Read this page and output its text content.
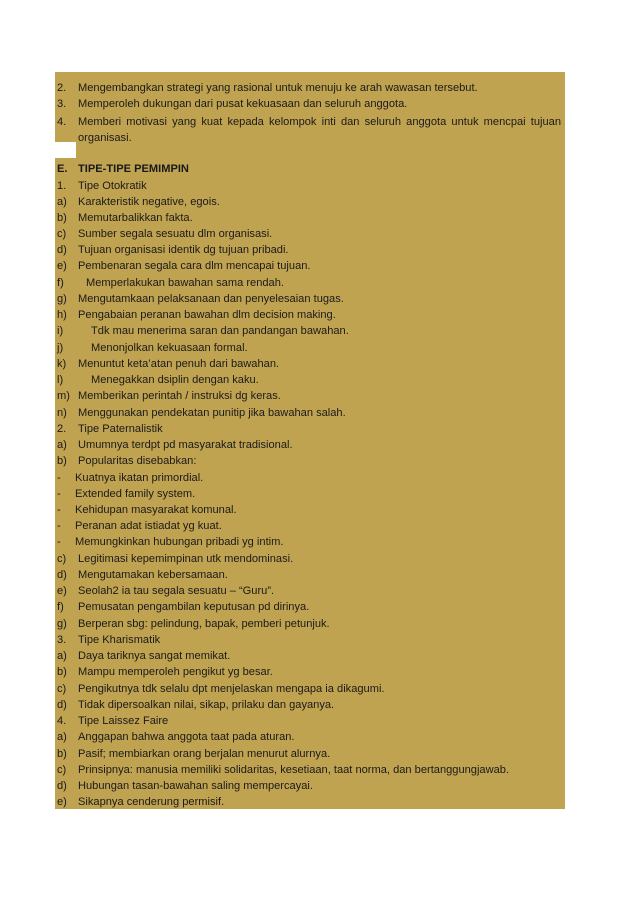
2. Mengembangkan strategi yang rasional untuk menuju ke arah wawasan tersebut.
3. Memperoleh dukungan dari pusat kekuasaan dan seluruh anggota.
4. Memberi motivasi yang kuat kepada kelompok inti dan seluruh anggota untuk mencpai tujuan
organisasi.
E. TIPE-TIPE PEMIMPIN
1. Tipe Otokratik
a) Karakteristik negative, egois.
b) Memutarbalikkan fakta.
c) Sumber segala sesuatu dlm organisasi.
d) Tujuan organisasi identik dg tujuan pribadi.
e) Pembenaran segala cara dlm mencapai tujuan.
f) Memperlakukan bawahan sama rendah.
g) Mengutamkaan pelaksanaan dan penyelesaian tugas.
h) Pengabaian peranan bawahan dlm decision making.
i)	Tdk mau menerima saran dan pandangan bawahan.
j)	Menonjolkan kekuasaan formal.
k) Menuntut keta’atan penuh dari bawahan.
l)	Menegakkan dsiplin dengan kaku.
m) Memberikan perintah / instruksi dg keras.
n) Menggunakan pendekatan punitip jika bawahan salah.
2. Tipe Paternalistik
a) Umumnya terdpt pd masyarakat tradisional.
b) Popularitas disebabkan:
- Kuatnya ikatan primordial.
- Extended family system.
- Kehidupan masyarakat komunal.
- Peranan adat istiadat yg kuat.
- Memungkinkan hubungan pribadi yg intim.
c) Legitimasi kepemimpinan utk mendominasi.
d) Mengutamakan kebersamaan.
e) Seolah2 ia tau segala sesuatu – “Guru”.
f) Pemusatan pengambilan keputusan pd dirinya.
g) Berperan sbg: pelindung, bapak, pemberi petunjuk.
3. Tipe Kharismatik
a) Daya tariknya sangat memikat.
b) Mampu memperoleh pengikut yg besar.
c) Pengikutnya tdk selalu dpt menjelaskan mengapa ia dikagumi.
d) Tidak dipersoalkan nilai, sikap, prilaku dan gayanya.
4. Tipe Laissez Faire
a) Anggapan bahwa anggota taat pada aturan.
b) Pasif; membiarkan orang berjalan menurut alurnya.
c) Prinsipnya: manusia memiliki solidaritas, kesetiaan, taat norma, dan bertanggungjawab.
d) Hubungan tasan-bawahan saling mempercayai.
e) Sikapnya cenderung permisif.
